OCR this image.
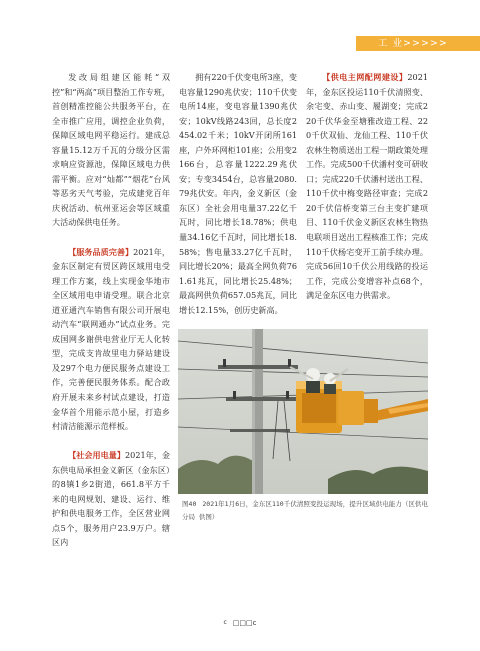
工 业>>>>>

发改局组建区能耗“双控”和“两高”项目整治工作专班，首创精准控能公共服务平台，在全市推广应用，调控企业负荷，保障区域电网平稳运行。建成总容量15.12万千瓦的分级分区需求响应资源池，保障区域电力供需平衡。应对“灿都”“烟花”台风等恶劣天气考验，完成建党百年庆祝活动、杭州亚运会等区域重大活动保供电任务。

【服务品质完善】2021年，金东区制定有贸区跨区域用电受理工作方案，线上实现金华地市全区域用电申请受理。联合北京道亚通汽车销售有限公司开展电动汽车“联网通办”试点业务。完成国网多谢供电营业厅无人化转型，完成支肯故里电力驿站建设及297个电力便民服务点建设工作，完善便民服务体系。配合政府开展未来乡村试点建设，打造金华首个用能示范小屋，打造乡村清洁能源示范样板。

【社会用电量】2021年，金东供电局承担金义新区（金东区）的8镇1乡2街道，661.8平方千米的电网规划、建设、运行、维护和供电服务工作，全区营业网点5个，服务用户23.9万户。辖区内

拥有220千伏变电所3座，变电容量1290兆伏安；110千伏变电所14座，变电容量1390兆伏安；10kV线路243回，总长度2454.02千米；10kV开闭所161座，户外环网柜101座；公用变2166台，总容量1222.29兆伏安；专变3454台，总容量2080.79兆伏安。年内，金义新区（金东区）全社会用电量37.22亿千瓦时，同比增长18.78%；供电量34.16亿千瓦时，同比增长18.58%；售电量33.27亿千瓦时，同比增长20%；最高全网负荷761.61兆瓦，同比增长25.48%；最高网供负荷657.05兆瓦，同比增长12.15%，创历史新高。

【供电主网配网建设】2021年，金东区投运110千伏清照变、余宅变、赤山变、履湖变；完成220千伏华金至塘雅改造工程、220千伏双仙、龙仙工程、110千伏农林生物质送出工程一期政策处理工作。完成500千伏潘村变可研收口；完成220千伏潘村送出工程、110千伏中梅变路径审查；完成220千伏信桥变第三台主变扩建项目、110千伏金义新区农林生物热电联项目送出工程核准工作；完成110千伏杨宅变开工前手续办理。完成56回10千伏公用线路的投运工作，完成公变增容补点68个，满足金东区电力供需求。

图40 2021年1月6日，金东区110千伏清照变投运现场，提升区域供电能力（区供电分局 供图）
c □□□c
